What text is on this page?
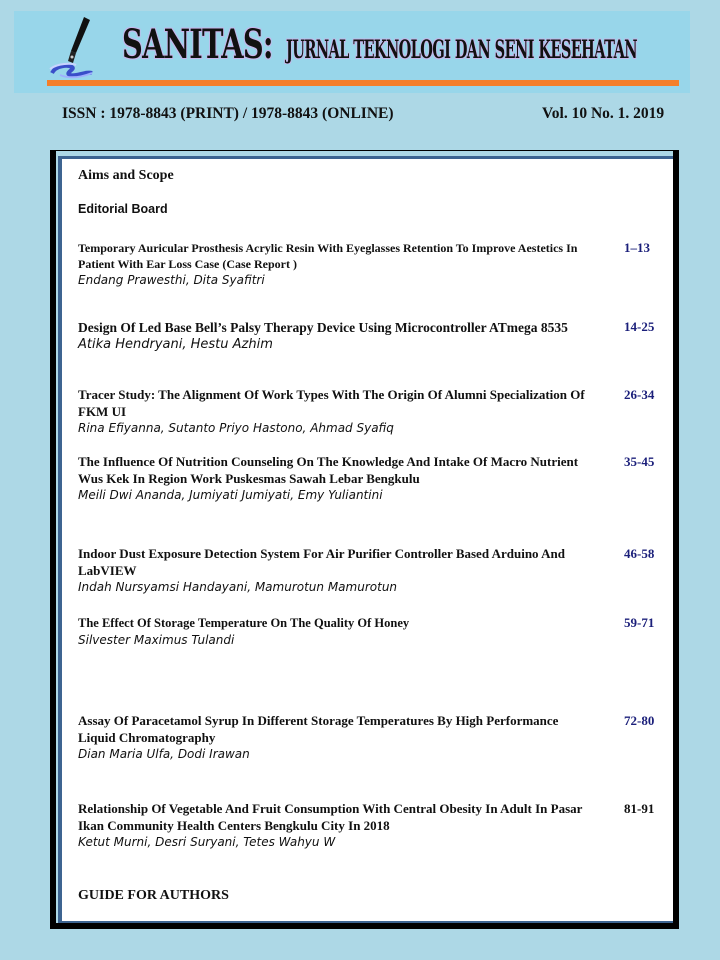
SANITAS: JURNAL TEKNOLOGI DAN SENI KESEHATAN
ISSN : 1978-8843 (PRINT) / 1978-8843 (ONLINE)	Vol. 10 No. 1. 2019
Aims and Scope
Editorial Board
Temporary Auricular Prosthesis Acrylic Resin With Eyeglasses Retention To Improve Aestetics In Patient With Ear Loss Case (Case Report )
Endang Prawesthi, Dita Syafitri
1–13
Design Of Led Base Bell’s Palsy Therapy Device Using Microcontroller ATmega 8535
Atika Hendryani, Hestu Azhim
14-25
Tracer Study: The Alignment Of Work Types With The Origin Of Alumni Specialization Of FKM UI
Rina Efiyanna, Sutanto Priyo Hastono, Ahmad Syafiq
26-34
The Influence Of Nutrition Counseling On The Knowledge And Intake Of Macro Nutrient Wus Kek In Region Work Puskesmas Sawah Lebar Bengkulu
Meili Dwi Ananda, Jumiyati Jumiyati, Emy Yuliantini
35-45
Indoor Dust Exposure Detection System For Air Purifier Controller Based Arduino And LabVIEW
Indah Nursyamsi Handayani, Mamurotun Mamurotun
46-58
The Effect Of Storage Temperature On The Quality Of Honey
Silvester Maximus Tulandi
59-71
Assay Of Paracetamol Syrup In Different Storage Temperatures By High Performance Liquid Chromatography
Dian Maria Ulfa, Dodi Irawan
72-80
Relationship Of Vegetable And Fruit Consumption With Central Obesity In Adult In Pasar Ikan Community Health Centers Bengkulu City In 2018
Ketut Murni, Desri Suryani, Tetes Wahyu W
81-91
GUIDE FOR AUTHORS
